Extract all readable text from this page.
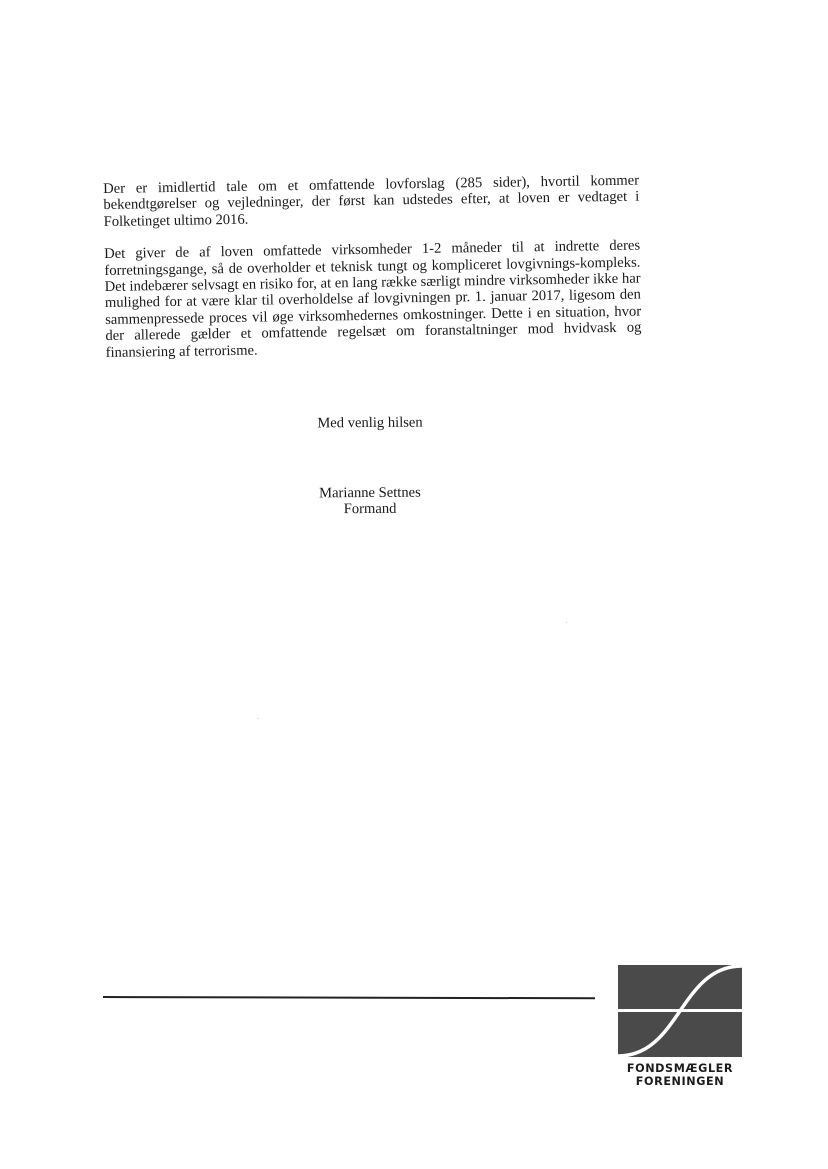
Der er imidlertid tale om et omfattende lovforslag (285 sider), hvortil kommer bekendtgørelser og vejledninger, der først kan udstedes efter, at loven er vedtaget i Folketinget ultimo 2016.

Det giver de af loven omfattede virksomheder 1-2 måneder til at indrette deres forretningsgange, så de overholder et teknisk tungt og kompliceret lovgivnings-kompleks. Det indebærer selvsagt en risiko for, at en lang række særligt mindre virksomheder ikke har mulighed for at være klar til overholdelse af lovgivningen pr. 1. januar 2017, ligesom den sammenpressede proces vil øge virksomhedernes omkostninger. Dette i en situation, hvor der allerede gælder et omfattende regelsæt om foranstaltninger mod hvidvask og finansiering af terrorisme.

Med venlig hilsen
Marianne Settnes
Formand
FONDSMÆGLER
FORENINGEN
